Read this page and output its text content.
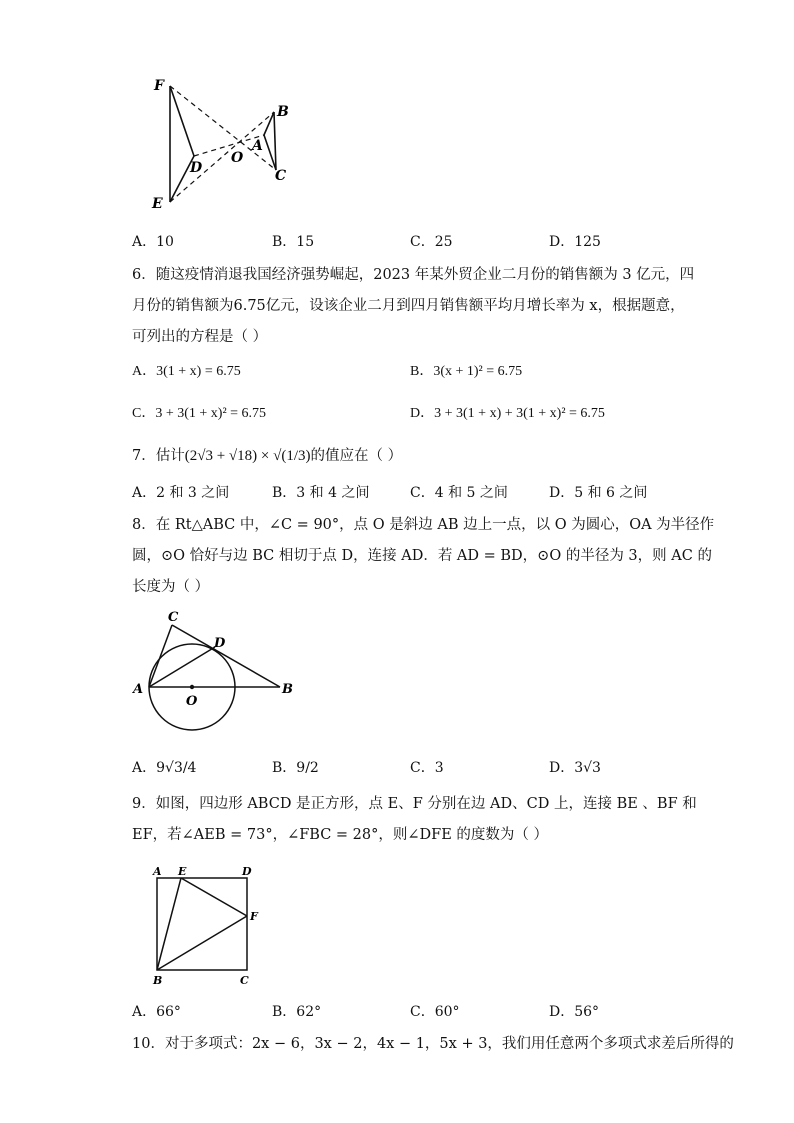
F
E
D
O
A
B
C
A．10	B．15	C．25	D．125
6．随这疫情消退我国经济强势崛起，2023 年某外贸企业二月份的销售额为 3 亿元，四
月份的销售额为6.75亿元，设该企业二月到四月销售额平均月增长率为 x，根据题意，
可列出的方程是（ ）
A．3(1 + x) = 6.75	B．3(x + 1)² = 6.75
C．3 + 3(1 + x)² = 6.75	D．3 + 3(1 + x) + 3(1 + x)² = 6.75
7．估计(2√3 + √18) × √(1/3)的值应在（ ）
A．2 和 3 之间	B．3 和 4 之间	C．4 和 5 之间	D．5 和 6 之间
8．在 Rt△ABC 中，∠C = 90°，点 O 是斜边 AB 边上一点，以 O 为圆心，OA 为半径作
圆，⊙O 恰好与边 BC 相切于点 D，连接 AD．若 AD = BD，⊙O 的半径为 3，则 AC 的
长度为（ ）
C
D
A
O
B
A．9√3/4	B．9/2	C．3	D．3√3
9．如图，四边形 ABCD 是正方形，点 E、F 分别在边 AD、CD 上，连接 BE 、BF 和
EF，若∠AEB = 73°，∠FBC = 28°，则∠DFE 的度数为（ ）
A E	D
F
B	C
A．66°	B．62°	C．60°	D．56°
10．对于多项式：2x − 6，3x − 2，4x − 1，5x + 3，我们用任意两个多项式求差后所得的
